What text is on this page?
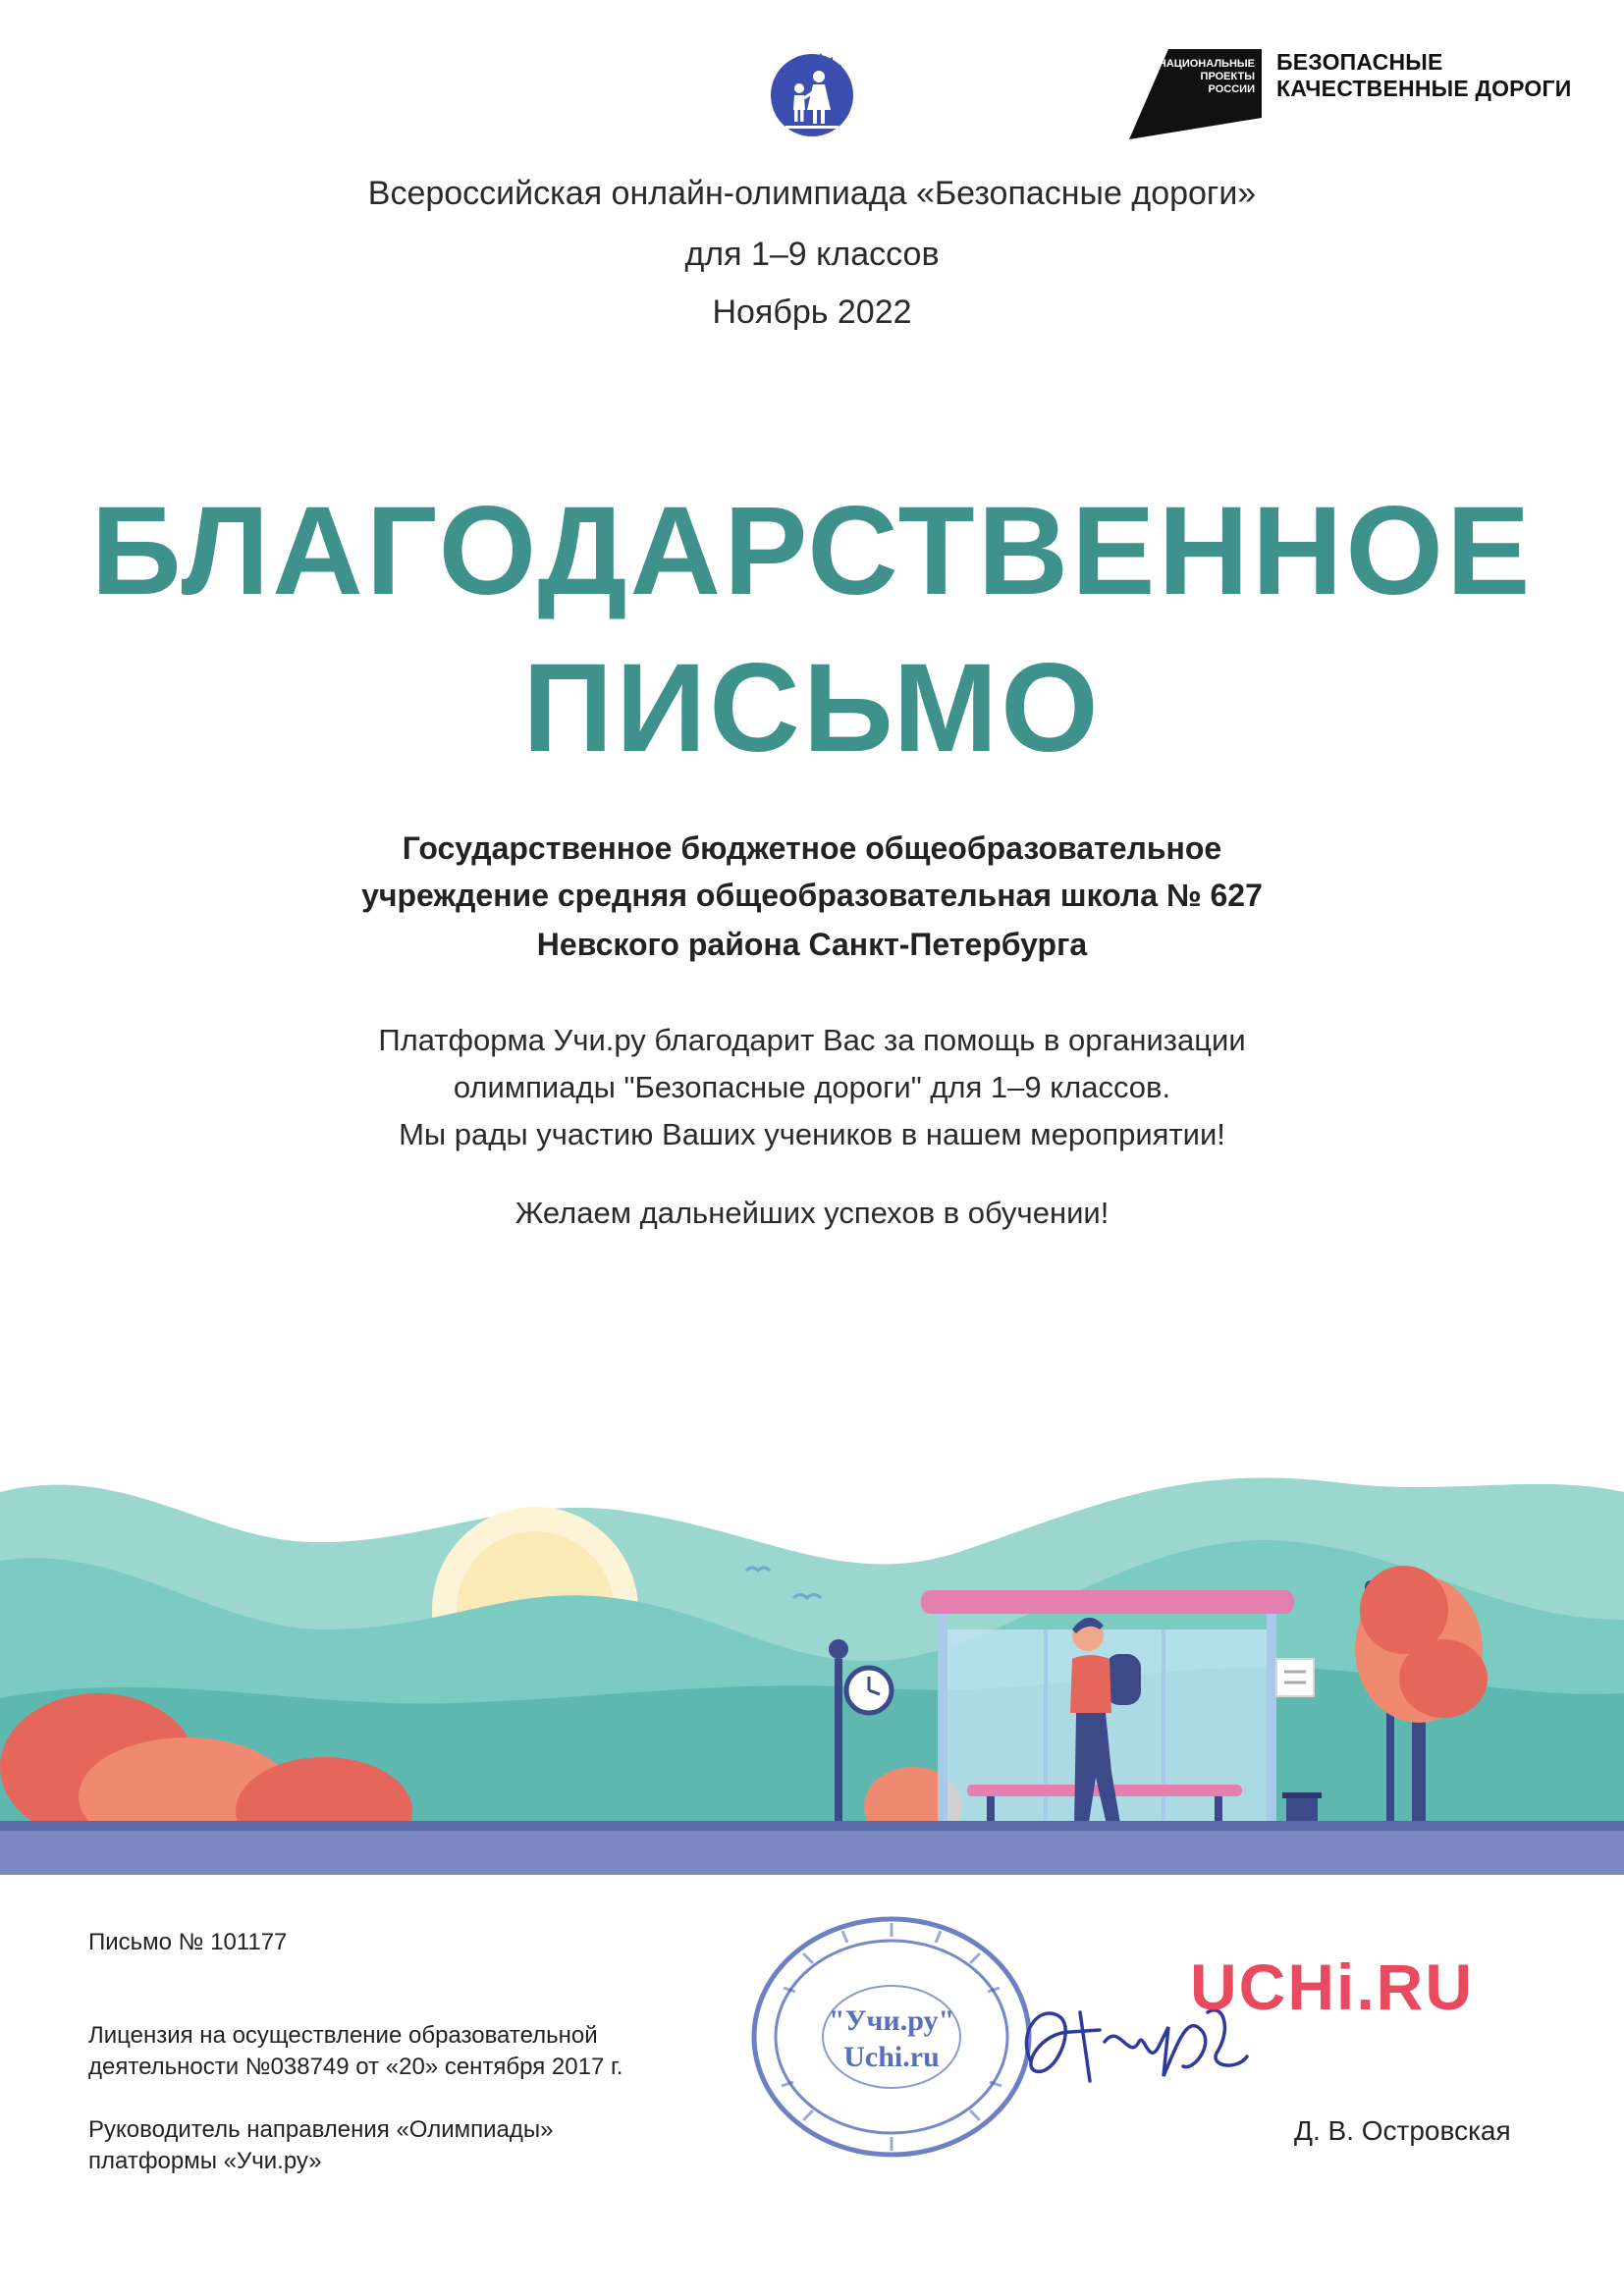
НАЦИОНАЛЬНЫЕ
ПРОЕКТЫ
РОССИИ
БЕЗОПАСНЫЕ
КАЧЕСТВЕННЫЕ ДОРОГИ
Всероссийская онлайн-олимпиада «Безопасные дороги»
для 1–9 классов
Ноябрь 2022
БЛАГОДАРСТВЕННОЕ
ПИСЬМО
Государственное бюджетное общеобразовательное
учреждение средняя общеобразовательная школа № 627
Невского района Санкт-Петербурга
Платформа Учи.ру благодарит Вас за помощь в организации
олимпиады "Безопасные дороги" для 1–9 классов.
Мы рады участию Ваших учеников в нашем мероприятии!
Желаем дальнейших успехов в обучении!
Письмо № 101177
Лицензия на осуществление образовательной
деятельности №038749 от «20» сентября 2017 г.
Руководитель направления «Олимпиады»
платформы «Учи.ру»
"Учи.ру"
Uchi.ru
UCHi.RU
Д. В. Островская
